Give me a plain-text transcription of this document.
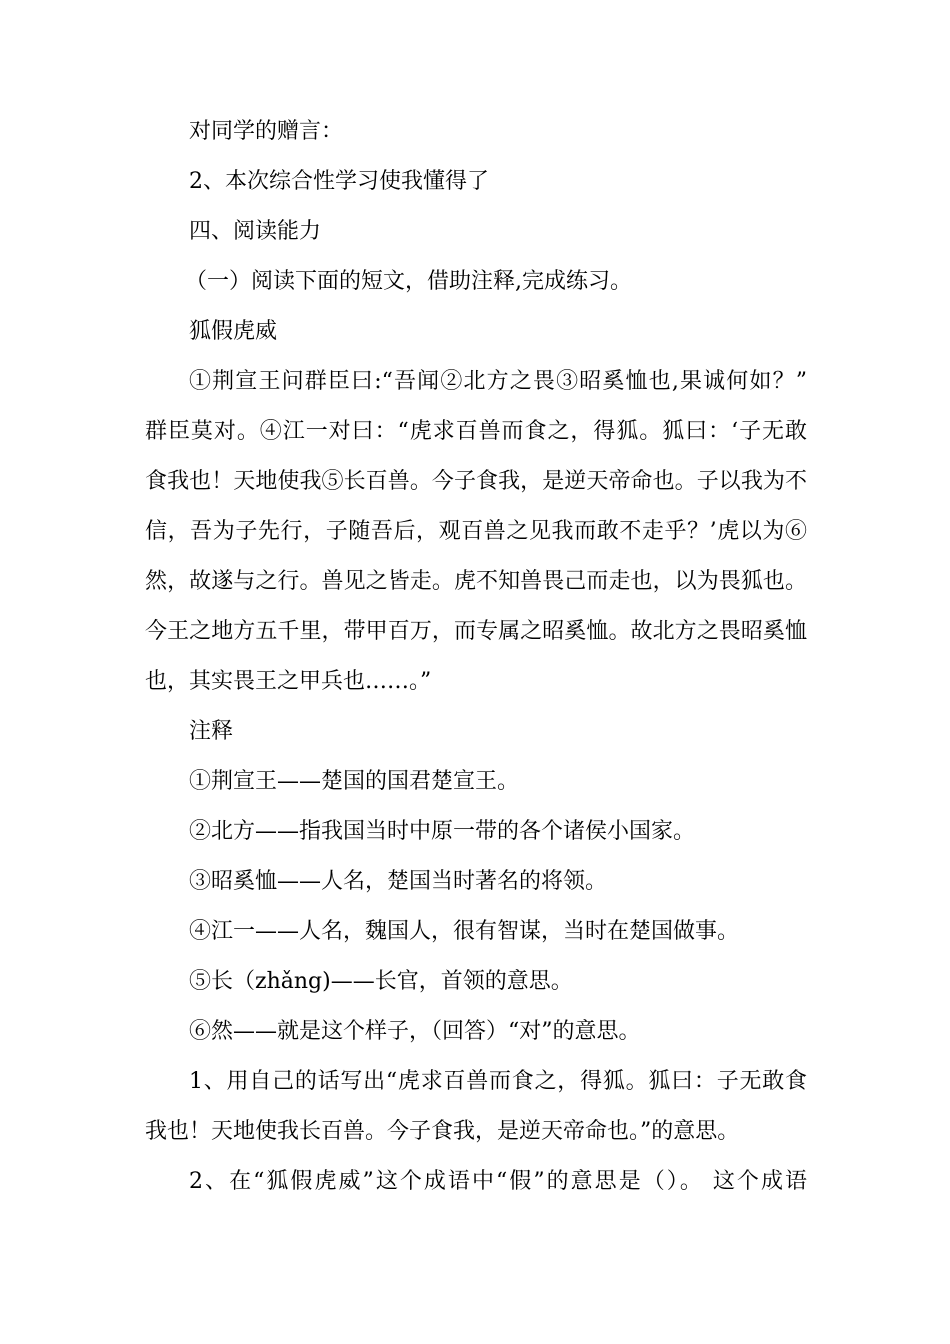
对同学的赠言：
2、本次综合性学习使我懂得了
四、阅读能力
（一）阅读下面的短文，借助注释,完成练习。
狐假虎威
①荆宣王问群臣曰:“吾闻②北方之畏③昭奚恤也,果诚何如？”
群臣莫对。④江一对曰：“虎求百兽而食之，得狐。狐曰：‘子无敢
食我也！天地使我⑤长百兽。今子食我，是逆天帝命也。子以我为不
信，吾为子先行，子随吾后，观百兽之见我而敢不走乎？’虎以为⑥
然，故遂与之行。兽见之皆走。虎不知兽畏己而走也，以为畏狐也。
今王之地方五千里，带甲百万，而专属之昭奚恤。故北方之畏昭奚恤
也，其实畏王之甲兵也……。”
注释
①荆宣王——楚国的国君楚宣王。
②北方——指我国当时中原一带的各个诸侯小国家。
③昭奚恤——人名，楚国当时著名的将领。
④江一——人名，魏国人，很有智谋，当时在楚国做事。
⑤长（zhǎng)——长官，首领的意思。
⑥然——就是这个样子，（回答）“对”的意思。
1、用自己的话写出“虎求百兽而食之，得狐。狐曰：子无敢食
我也！天地使我长百兽。今子食我，是逆天帝命也。”的意思。
2、在“狐假虎威”这个成语中“假”的意思是（）。 这个成语
